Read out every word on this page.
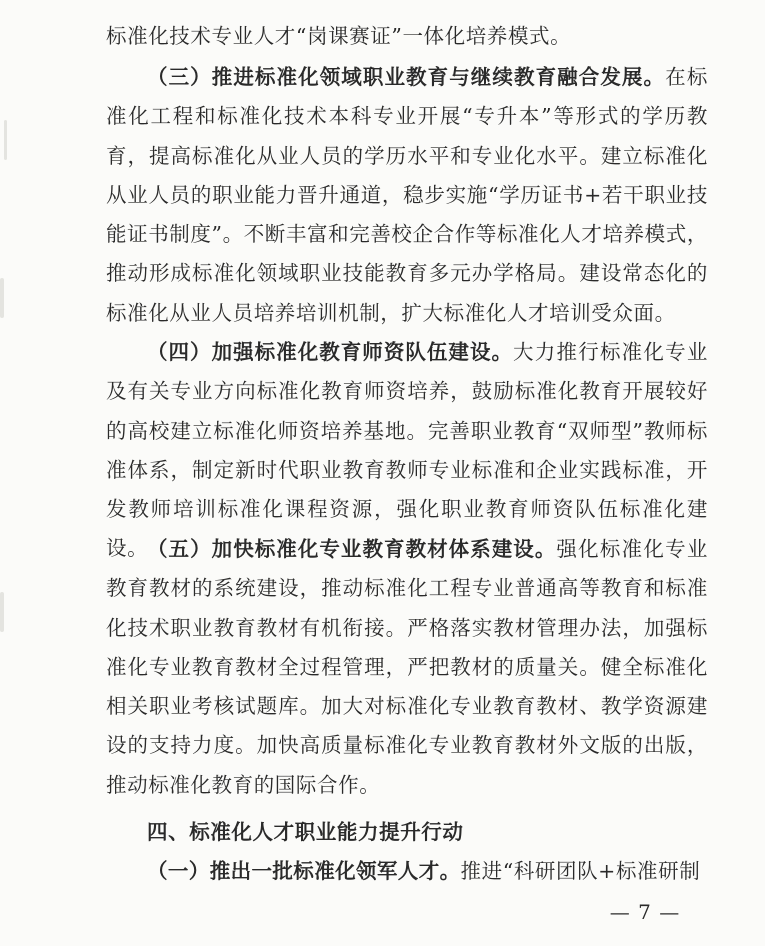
标准化技术专业人才“岗课赛证”一体化培养模式。

（三）推进标准化领域职业教育与继续教育融合发展。在标准化工程和标准化技术本科专业开展“专升本”等形式的学历教育，提高标准化从业人员的学历水平和专业化水平。建立标准化从业人员的职业能力晋升通道，稳步实施“学历证书+若干职业技能证书制度”。不断丰富和完善校企合作等标准化人才培养模式，推动形成标准化领域职业技能教育多元办学格局。建设常态化的标准化从业人员培养培训机制，扩大标准化人才培训受众面。

（四）加强标准化教育师资队伍建设。大力推行标准化专业及有关专业方向标准化教育师资培养，鼓励标准化教育开展较好的高校建立标准化师资培养基地。完善职业教育“双师型”教师标准体系，制定新时代职业教育教师专业标准和企业实践标准，开发教师培训标准化课程资源，强化职业教育师资队伍标准化建设。

（五）加快标准化专业教育教材体系建设。强化标准化专业教育教材的系统建设，推动标准化工程专业普通高等教育和标准化技术职业教育教材有机衔接。严格落实教材管理办法，加强标准化专业教育教材全过程管理，严把教材的质量关。健全标准化相关职业考核试题库。加大对标准化专业教育教材、教学资源建设的支持力度。加快高质量标准化专业教育教材外文版的出版，推动标准化教育的国际合作。

四、标准化人才职业能力提升行动

（一）推出一批标准化领军人才。推进“科研团队+标准研制

— 7 —
